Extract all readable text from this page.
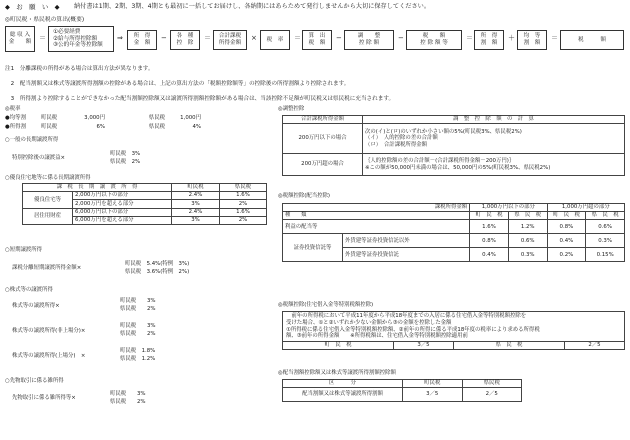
◆　お　願　い　◆ 納付書は1期、2期、3期、4期とも最初に一括してお届けし、各納期にはあらためて発行しませんから大切に保存してください。
◎町民税・県民税の算出(概要)
総 収 入
金　　額	＝
①必要経費
②給与所得控除額
③公的年金等控除額
⇒	所　得
金　額
−	各　種
控　除
＝	合計課税
所得金額
×	税　率	＝	算　出
税　額
−	調　　整
控 除 額
−	税　　額
控 除 額 等
＝	所　得
割　額
＋	均　等
割　額
＝	税　　　額
注1　分離課税の所得がある場合は算出方法が異なります。
　2　配当割額又は株式等譲渡所得割額の控除がある場合は、上記の算出方法の「税額控除額等」の控除後の所得割額より控除されます。
　3　所得割より控除することができなかった配当割額控除額又は譲渡所得割額控除額がある場合は、当該控除不足額が町民税又は県民税に充当されます。
◎税率
●均等割	町民税	3,000円	県民税	1,000円
●所得割	町民税	6%	県民税	4%
○一般の長期譲渡所得
特別控除後の譲渡益×
町民税　3%
県民税　2%
○優良住宅地等に係る長期譲渡所得
課　税　長　期　譲　渡　所　得		町民税	県民税
優良住宅等	2,000万円以下の部分	2.4%	1.6%
	2,000万円を超える部分	3%	2%
居住用財産	6,000万円以下の部分	2.4%	1.6%
	6,000万円を超える部分	3%	2%
○短期譲渡所得
課税分離短期譲渡所得金額×
町民税　5.4%(特例　3%)
県民税　3.6%(特例　2%)
○株式等の譲渡所得
株式等の譲渡所得×
町民税　　3%
県民税　　2%
株式等の譲渡所得(非上場分)×
町民税　　3%
県民税　　2%
株式等の譲渡所得(上場分)　×
町民税　1.8%
県民税　1.2%
○先物取引に係る雑所得
先物取引に係る雑所得等×
町民税　　3%
県民税　　2%
◎調整控除
合計課税所得金額	調　整　控　除　額　の　計　算
200万円以下の場合	次の(イ)と(ロ)のいずれか小さい額の5%(町民税3%、県民税2%)
（イ）　人的控除の差の合計額
（ロ）　合計課税所得金額

200万円超の場合	｛人的控除額の差の合計額－(合計課税所得金額－200万円)｝
※この額が50,000円未満の場合は、50,000円の5%(町民税3%、県民税2%)
◎税額控除(配当控除)
課税所得金額		1,000万円以下の部分		1,000万円超の部分	
種　　類		町　民　税	県　民　税	町　民　税	県　民　税
利益の配当等		1.6%	1.2%	0.8%	0.6%
証券投資信託等	外貨建等証券投資信託以外	0.8%	0.6%	0.4%	0.3%
	外貨建等証券投資信託	0.4%	0.3%	0.2%	0.15%
◎税額控除(住宅借入金等特別税額控除)
　前年の所得税において平成11年度から平成18年度までの入居に係る住宅借入金等特別税額控除を
受けた場合、①と②いずれか少ない金額から③の金額を控除した金額
①所得税に係る住宅借入金等特別税額控除額、②前年の所得に係る平成18年度の税率により求める所得税
額、③前年の所得金額　　※所得税額は、住宅借入金等特別税額控除適用前

町　民　税	3／5	県　民　税	2／5
◎配当割額控除額又は株式等譲渡所得割額控除額
区　　　分	町民税	県民税
配当割額又は株式等譲渡所得割額	3／5	2／5
